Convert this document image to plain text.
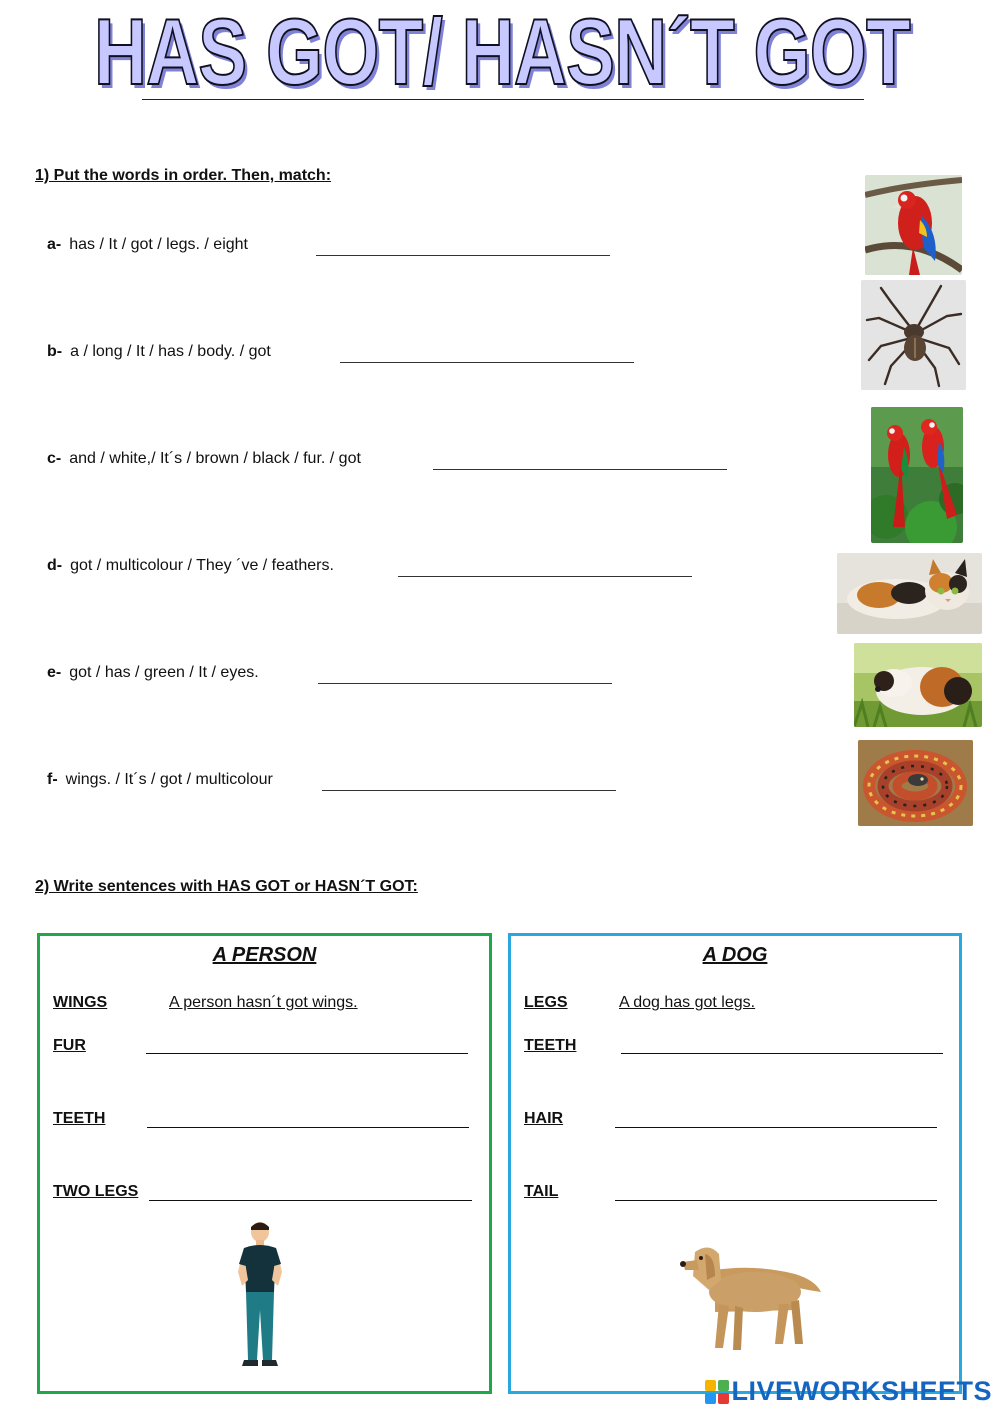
HAS GOT/ HASN´T GOT
1) Put the words in order. Then, match:
a- has / It / got / legs. / eight
b- a / long / It / has / body. / got
c- and / white,/ It´s / brown / black / fur. / got
d- got / multicolour / They ´ve / feathers.
e- got / has / green / It / eyes.
f- wings. / It´s / got / multicolour
2) Write sentences with HAS GOT or HASN´T GOT:
A PERSON
WINGS	A person hasn´t got wings.
FUR
TEETH
TWO LEGS
A DOG
LEGS	A dog has got legs.
TEETH
HAIR
TAIL
LIVEWORKSHEETS
